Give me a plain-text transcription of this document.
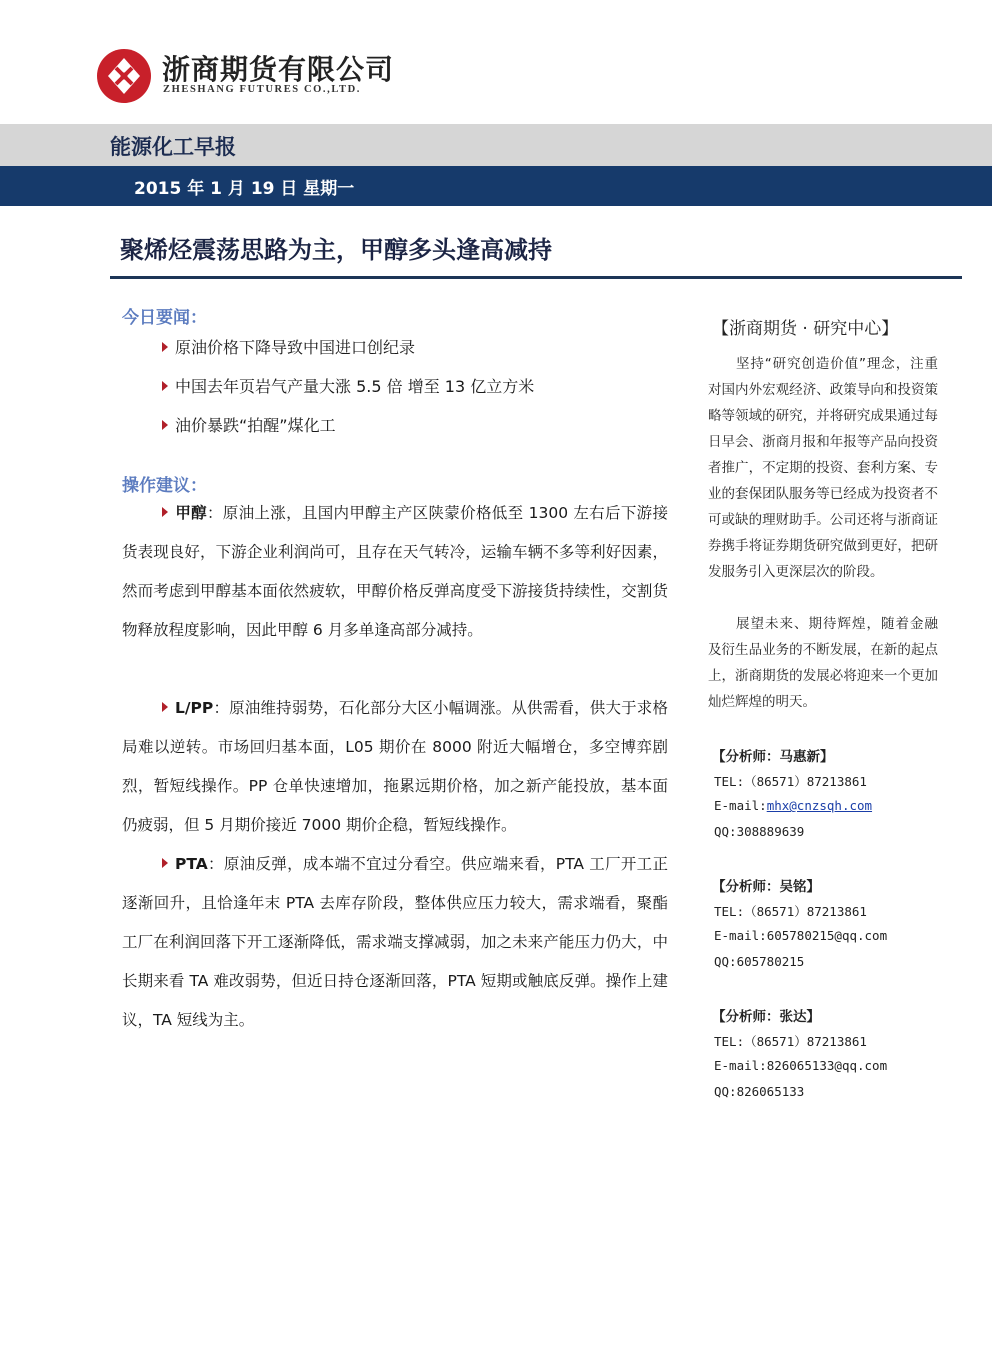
浙商期货有限公司
ZHESHANG FUTURES CO.,LTD.
能源化工早报
2015 年 1 月 19 日 星期一
聚烯烃震荡思路为主，甲醇多头逢高减持
今日要闻：
原油价格下降导致中国进口创纪录
中国去年页岩气产量大涨 5.5 倍 增至 13 亿立方米
油价暴跌“拍醒”煤化工
操作建议：
甲醇：原油上涨，且国内甲醇主产区陕蒙价格低至 1300 左右后下游接货表现良好，下游企业利润尚可，且存在天气转冷，运输车辆不多等利好因素，然而考虑到甲醇基本面依然疲软，甲醇价格反弹高度受下游接货持续性，交割货物释放程度影响，因此甲醇 6 月多单逢高部分减持。
L/PP：原油维持弱势，石化部分大区小幅调涨。从供需看，供大于求格局难以逆转。市场回归基本面，L05 期价在 8000 附近大幅增仓，多空博弈剧烈，暂短线操作。PP 仓单快速增加，拖累远期价格，加之新产能投放，基本面仍疲弱，但 5 月期价接近 7000 期价企稳，暂短线操作。
PTA：原油反弹，成本端不宜过分看空。供应端来看，PTA 工厂开工正逐渐回升，且恰逢年末 PTA 去库存阶段，整体供应压力较大，需求端看，聚酯工厂在利润回落下开工逐渐降低，需求端支撑减弱，加之未来产能压力仍大，中长期来看 TA 难改弱势，但近日持仓逐渐回落，PTA 短期或触底反弹。操作上建议，TA 短线为主。
【浙商期货 · 研究中心】
坚持“研究创造价值”理念，注重对国内外宏观经济、政策导向和投资策略等领域的研究，并将研究成果通过每日早会、浙商月报和年报等产品向投资者推广，不定期的投资、套利方案、专业的套保团队服务等已经成为投资者不可或缺的理财助手。公司还将与浙商证券携手将证券期货研究做到更好，把研发服务引入更深层次的阶段。
展望未来、期待辉煌，随着金融及衍生品业务的不断发展，在新的起点上，浙商期货的发展必将迎来一个更加灿烂辉煌的明天。
【分析师：马惠新】
TEL:（86571）87213861
E-mail:mhx@cnzsqh.com
QQ:308889639
【分析师：吴铭】
TEL:（86571）87213861
E-mail:605780215@qq.com
QQ:605780215
【分析师：张达】
TEL:（86571）87213861
E-mail:826065133@qq.com
QQ:826065133
